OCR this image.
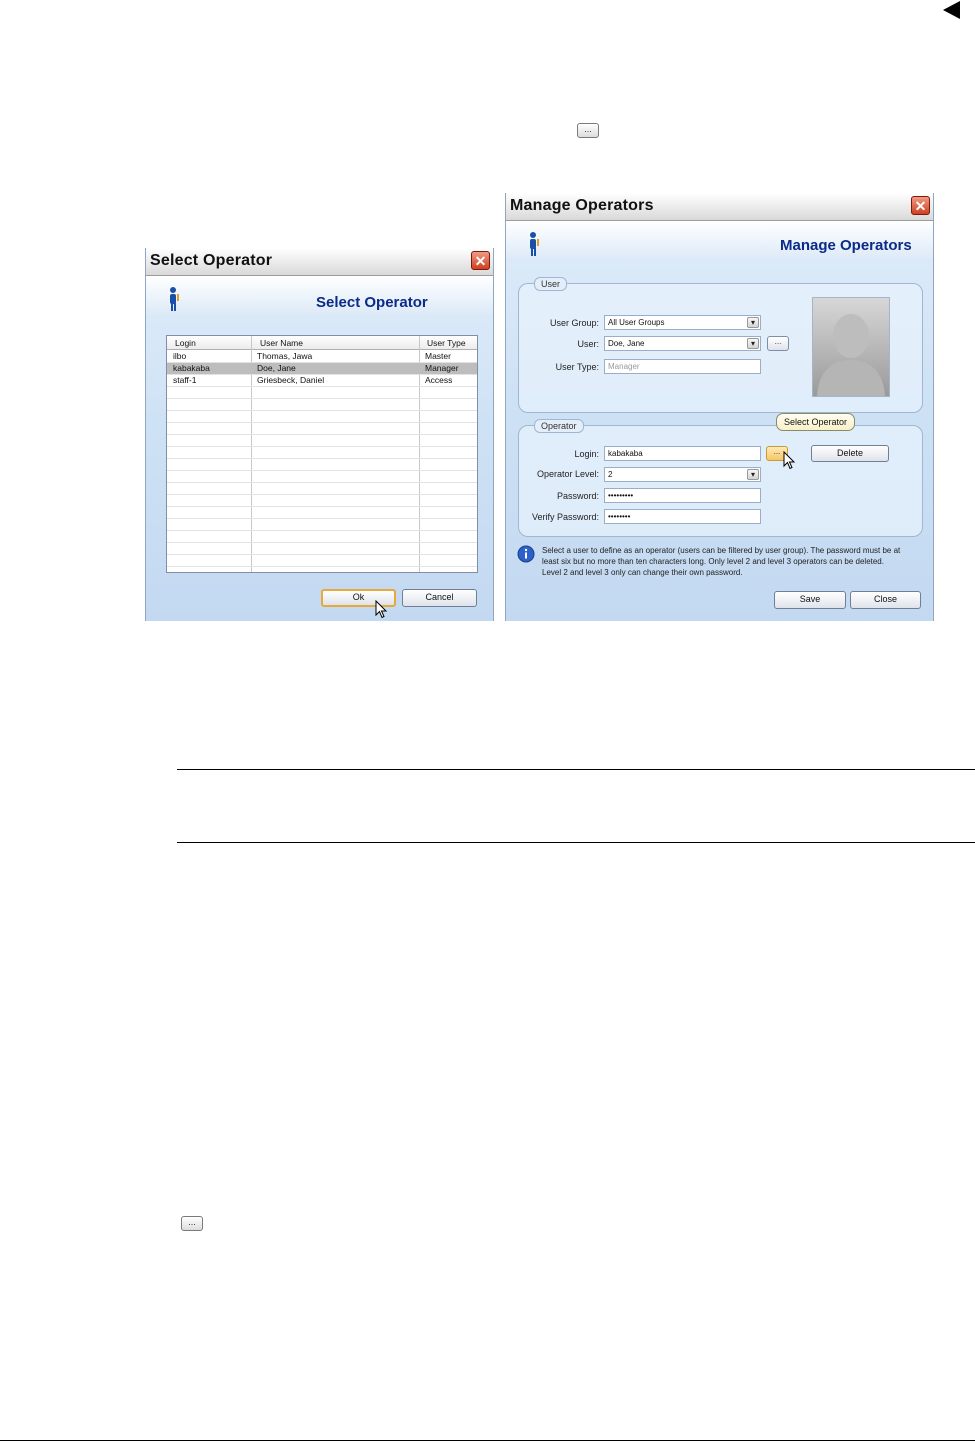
...
Select Operator	✕
Select Operator
Login	User Name	User Type
ilbo	Thomas, Jawa	Master
kabakaba	Doe, Jane	Manager
staff-1	Griesbeck, Daniel	Access
Ok	Cancel
Manage Operators	✕
Manage Operators
User
User Group:	All User Groups	▾
User:	Doe, Jane	▾	...
User Type:	Manager
Operator
Login:	kabakaba	...	Delete
Select Operator
Operator Level:	2	▾
Password:	•••••••••
Verify Password:	••••••••
Select a user to define as an operator (users can be filtered by user group). The password must be at
least six but no more than ten characters long. Only level 2 and level 3 operators can be deleted.
Level 2 and level 3 only can change their own password.
Save	Close
...
